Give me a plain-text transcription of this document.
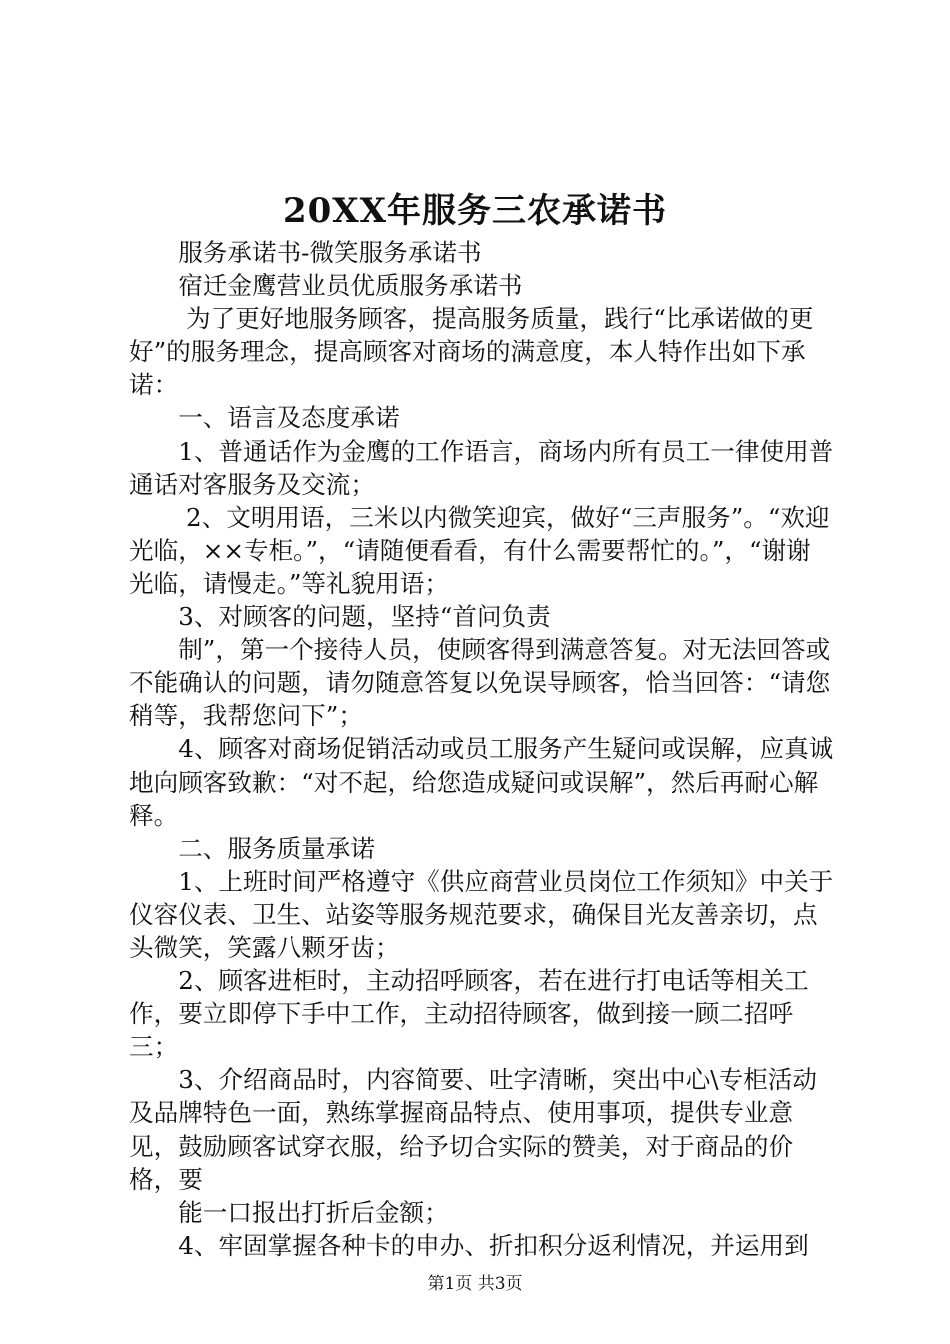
20XX年服务三农承诺书

　　服务承诺书-微笑服务承诺书

　　宿迁金鹰营业员优质服务承诺书

　　 为了更好地服务顾客，提高服务质量，践行“比承诺做的更好”的服务理念，提高顾客对商场的满意度，本人特作出如下承诺：

　　一、语言及态度承诺

　　1、普通话作为金鹰的工作语言，商场内所有员工一律使用普通话对客服务及交流；

　　 2、文明用语，三米以内微笑迎宾，做好“三声服务”。“欢迎光临，××专柜。”，“请随便看看，有什么需要帮忙的。”，“谢谢光临，请慢走。”等礼貌用语；

　　3、对顾客的问题，坚持“首问负责

　　制”，第一个接待人员，使顾客得到满意答复。对无法回答或不能确认的问题，请勿随意答复以免误导顾客，恰当回答：“请您稍等，我帮您问下”；

　　4、顾客对商场促销活动或员工服务产生疑问或误解，应真诚地向顾客致歉：“对不起，给您造成疑问或误解”，然后再耐心解释。

　　二、服务质量承诺

　　1、上班时间严格遵守《供应商营业员岗位工作须知》中关于仪容仪表、卫生、站姿等服务规范要求，确保目光友善亲切，点头微笑，笑露八颗牙齿；

　　2、顾客进柜时，主动招呼顾客，若在进行打电话等相关工作，要立即停下手中工作，主动招待顾客，做到接一顾二招呼三；

　　3、介绍商品时，内容简要、吐字清晰，突出中心\专柜活动及品牌特色一面，熟练掌握商品特点、使用事项，提供专业意见，鼓励顾客试穿衣服，给予切合实际的赞美，对于商品的价格，要

　　能一口报出打折后金额；

　　4、牢固掌握各种卡的申办、折扣积分返利情况，并运用到

第1页 共3页
